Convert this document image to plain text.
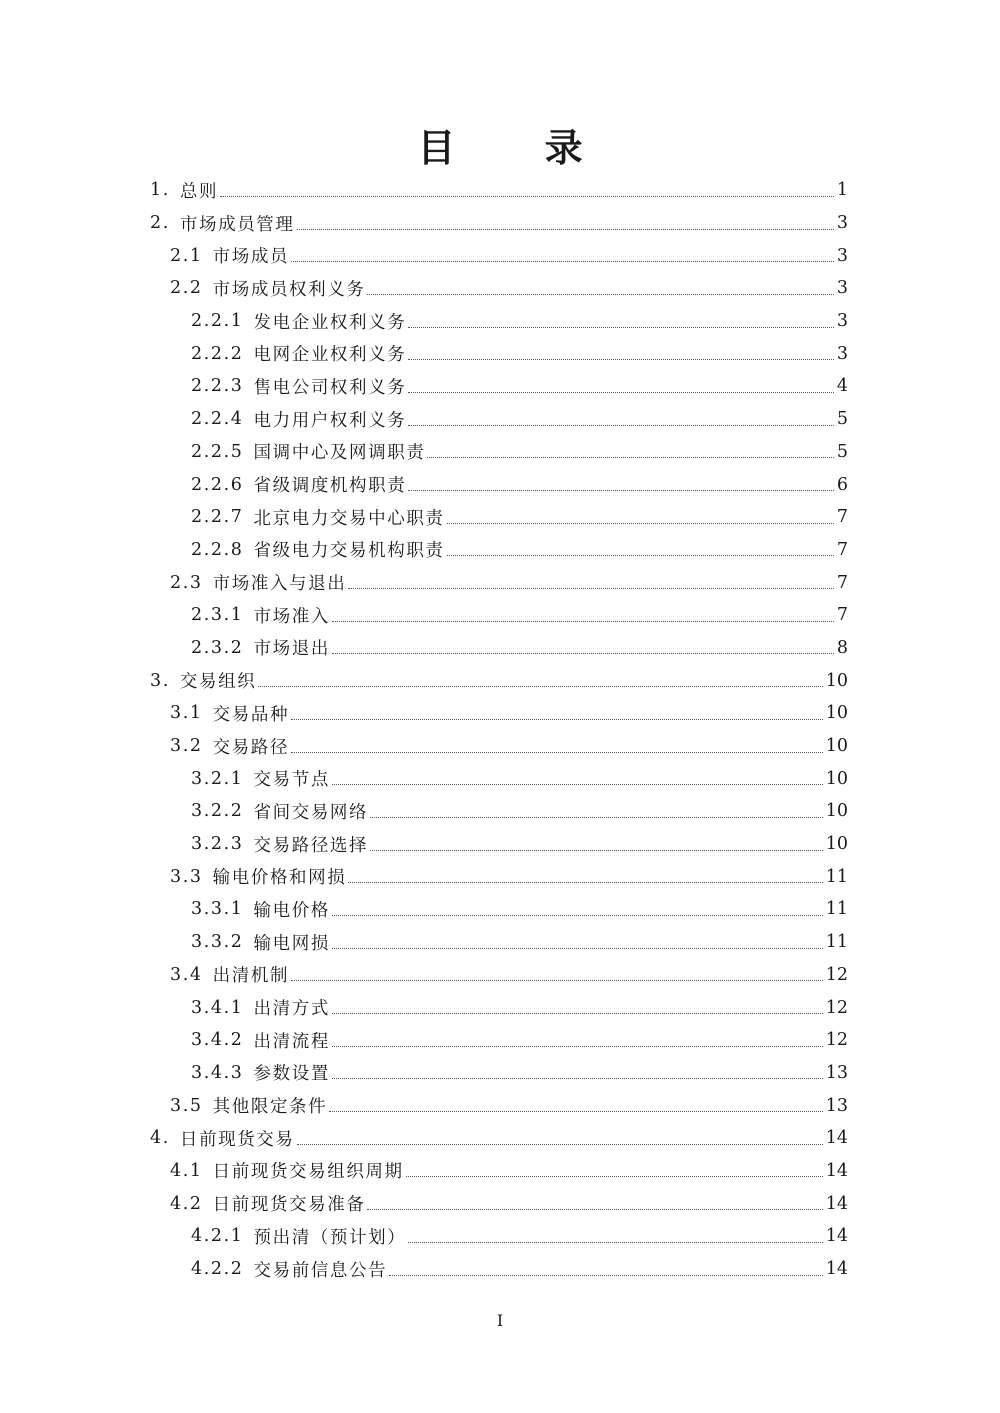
目 录
1. 总则	1
2. 市场成员管理	3
2.1 市场成员	3
2.2 市场成员权利义务	3
2.2.1 发电企业权利义务	3
2.2.2 电网企业权利义务	3
2.2.3 售电公司权利义务	4
2.2.4 电力用户权利义务	5
2.2.5 国调中心及网调职责	5
2.2.6 省级调度机构职责	6
2.2.7 北京电力交易中心职责	7
2.2.8 省级电力交易机构职责	7
2.3 市场准入与退出	7
2.3.1 市场准入	7
2.3.2 市场退出	8
3. 交易组织	10
3.1 交易品种	10
3.2 交易路径	10
3.2.1 交易节点	10
3.2.2 省间交易网络	10
3.2.3 交易路径选择	10
3.3 输电价格和网损	11
3.3.1 输电价格	11
3.3.2 输电网损	11
3.4 出清机制	12
3.4.1 出清方式	12
3.4.2 出清流程	12
3.4.3 参数设置	13
3.5 其他限定条件	13
4. 日前现货交易	14
4.1 日前现货交易组织周期	14
4.2 日前现货交易准备	14
4.2.1 预出清（预计划）	14
4.2.2 交易前信息公告	14
I
